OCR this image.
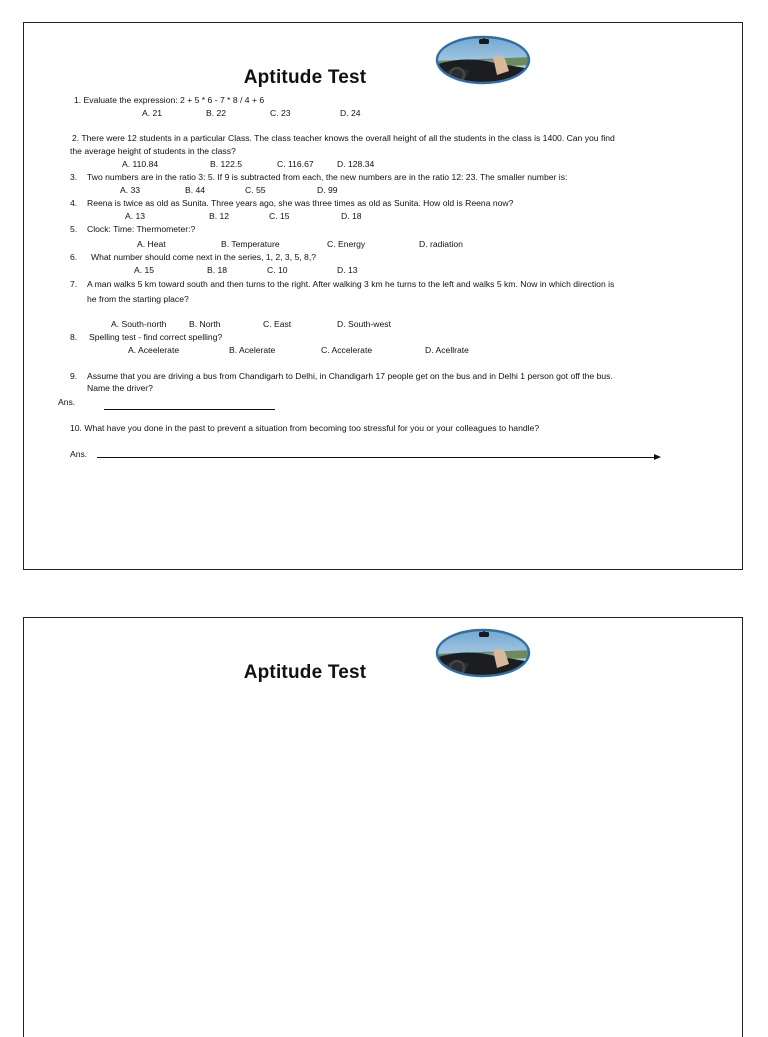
Aptitude Test
1. Evaluate the expression: 2 + 5 * 6 - 7 * 8 / 4 + 6
A. 21	B. 22	C. 23	D. 24
2. There were 12 students in a particular Class. The class teacher knows the overall height of all the students in the class is 1400. Can you find
the average height of students in the class?
A. 110.84	B. 122.5	C. 116.67	D. 128.34
3. Two numbers are in the ratio 3: 5. If 9 is subtracted from each, the new numbers are in the ratio 12: 23. The smaller number is:
A. 33	B. 44	C. 55	D. 99
4. Reena is twice as old as Sunita. Three years ago, she was three times as old as Sunita. How old is Reena now?
A. 13	B. 12	C. 15	D. 18
5. Clock: Time: Thermometer:?
A. Heat	B. Temperature	C. Energy	D. radiation
6. What number should come next in the series, 1, 2, 3, 5, 8,?
A. 15	B. 18	C. 10	D. 13
7. A man walks 5 km toward south and then turns to the right. After walking 3 km he turns to the left and walks 5 km. Now in which direction is
he from the starting place?
A. South-north	B. North	C. East	D. South-west
8. Spelling test - find correct spelling?
A. Aceelerate	B. Acelerate	C. Accelerate	D. Acellrate
9. Assume that you are driving a bus from Chandigarh to Delhi, in Chandigarh 17 people get on the bus and in Delhi 1 person got off the bus.
Name the driver?
Ans.
10. What have you done in the past to prevent a situation from becoming too stressful for you or your colleagues to handle?
Ans.
Aptitude Test
